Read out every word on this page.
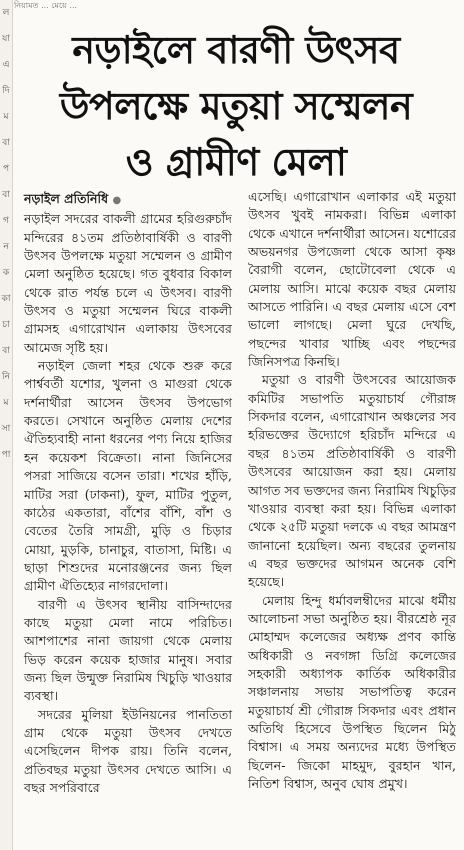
ল যা এ দি ম বা প বা গ ন ক কা চা বা নি ম সা পা
নিয়ামত ... মেয়ে ...
নড়াইলে বারণী উৎসব
উপলক্ষে মতুয়া সম্মেলন
ও গ্রামীণ মেলা
নড়াইল প্রতিনিধি ●

নড়াইল সদরের বাকলী গ্রামের হরিগুরুচাঁদ মন্দিরের ৪১তম প্রতিষ্ঠাবার্ষিকী ও বারণী উৎসব উপলক্ষে মতুয়া সম্মেলন ও গ্রামীণ মেলা অনুষ্ঠিত হয়েছে। গত বুধবার বিকাল থেকে রাত পর্যন্ত চলে এ উৎসব। বারণী উৎসব ও মতুয়া সম্মেলন ঘিরে বাকলী গ্রামসহ এগারোখান এলাকায় উৎসবের আমেজ সৃষ্টি হয়।

নড়াইল জেলা শহর থেকে শুরু করে পার্শ্ববর্তী যশোর, খুলনা ও মাগুরা থেকে দর্শনার্থীরা আসেন উৎসব উপভোগ করতে। সেখানে অনুষ্ঠিত মেলায় দেশের ঐতিহ্যবাহী নানা ধরনের পণ্য নিয়ে হাজির হন কয়েকশ বিক্রেতা। নানা জিনিসের পসরা সাজিয়ে বসেন তারা। শখের হাঁড়ি, মাটির সরা (ঢাকনা), ফুল, মাটির পুতুল, কাঠের একতারা, বাঁশের বাঁশি, বাঁশ ও বেতের তৈরি সামগ্রী, মুড়ি ও চিড়ার মোয়া, মুড়কি, চানাচুর, বাতাসা, মিষ্টি। এ ছাড়া শিশুদের মনোরঞ্জনের জন্য ছিল গ্রামীণ ঐতিহ্যের নাগরদোলা।

বারণী এ উৎসব স্থানীয় বাসিন্দাদের কাছে মতুয়া মেলা নামে পরিচিত। আশপাশের নানা জায়গা থেকে মেলায় ভিড় করেন কয়েক হাজার মানুষ। সবার জন্য ছিল উন্মুক্ত নিরামিষ খিচুড়ি খাওয়ার ব্যবস্থা।

সদরের মুলিয়া ইউনিয়নের পানতিতা গ্রাম থেকে মতুয়া উৎসব দেখতে এসেছিলেন দীপক রায়। তিনি বলেন, প্রতিবছর মতুয়া উৎসব দেখতে আসি। এ বছর সপরিবারে

এসেছি। এগারোখান এলাকার এই মতুয়া উৎসব খুবই নামকরা। বিভিন্ন এলাকা থেকে এখানে দর্শনার্থীরা আসেন। যশোরের অভয়নগর উপজেলা থেকে আসা কৃষ্ণ বৈরাগী বলেন, ছোটোবেলা থেকে এ মেলায় আসি। মাঝে কয়েক বছর মেলায় আসতে পারিনি। এ বছর মেলায় এসে বেশ ভালো লাগছে। মেলা ঘুরে দেখছি, পছন্দের খাবার খাচ্ছি এবং পছন্দের জিনিসপত্র কিনছি।

মতুয়া ও বারণী উৎসবের আয়োজক কমিটির সভাপতি মতুয়াচার্য গৌরাঙ্গ সিকদার বলেন, এগারোখান অঞ্চলের সব হরিভক্তের উদ্যোগে হরিচাঁদ মন্দিরে এ বছর ৪১তম প্রতিষ্ঠাবার্ষিকী ও বারণী উৎসবের আয়োজন করা হয়। মেলায় আগত সব ভক্তদের জন্য নিরামিষ খিচুড়ির খাওয়ার ব্যবস্থা করা হয়। বিভিন্ন এলাকা থেকে ২৫টি মতুয়া দলকে এ বছর আমন্ত্রণ জানানো হয়েছিল। অন্য বছরের তুলনায় এ বছর ভক্তদের আগমন অনেক বেশি হয়েছে।

মেলায় হিন্দু ধর্মাবলম্বীদের মাঝে ধর্মীয় আলোচনা সভা অনুষ্ঠিত হয়। বীরশ্রেষ্ঠ নূর মোহাম্মদ কলেজের অধ্যক্ষ প্রণব কান্তি অধিকারী ও নবগঙ্গা ডিগ্রি কলেজের সহকারী অধ্যাপক কার্তিক অধিকারীর সঞ্চালনায় সভায় সভাপতিত্ব করেন মতুয়াচার্য শ্রী গৌরাঙ্গ সিকদার এবং প্রধান অতিথি হিসেবে উপস্থিত ছিলেন মিঠু বিশ্বাস। এ সময় অন্যদের মধ্যে উপস্থিত ছিলেন- জিকো মাহমুদ, বুরহান খান, নিতিশ বিশ্বাস, অনুব ঘোষ প্রমুখ।
